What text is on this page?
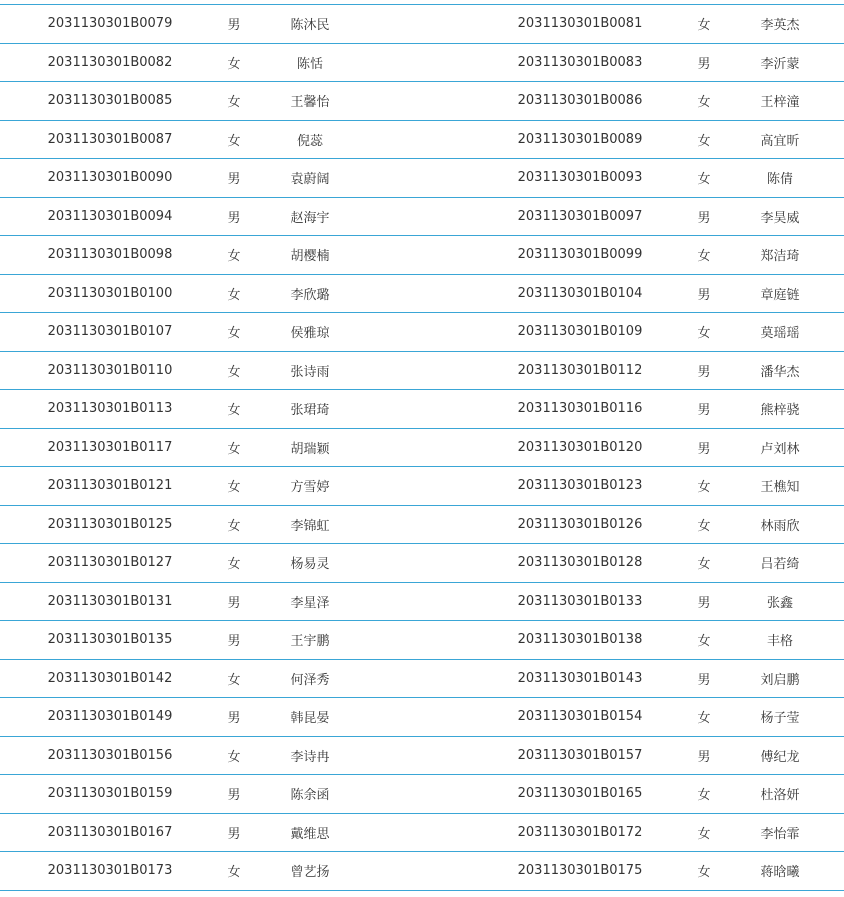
2031130301B0079	男	陈沐民	2031130301B0081	女	李英杰
2031130301B0082	女	陈恬	2031130301B0083	男	李沂蒙
2031130301B0085	女	王馨怡	2031130301B0086	女	王梓潼
2031130301B0087	女	倪蕊	2031130301B0089	女	高宜昕
2031130301B0090	男	袁蔚阔	2031130301B0093	女	陈倩
2031130301B0094	男	赵海宇	2031130301B0097	男	李昊威
2031130301B0098	女	胡樱楠	2031130301B0099	女	郑洁琦
2031130301B0100	女	李欣璐	2031130301B0104	男	章庭链
2031130301B0107	女	侯雅琼	2031130301B0109	女	莫瑶瑶
2031130301B0110	女	张诗雨	2031130301B0112	男	潘华杰
2031130301B0113	女	张珺琦	2031130301B0116	男	熊梓骁
2031130301B0117	女	胡瑞颖	2031130301B0120	男	卢刘林
2031130301B0121	女	方雪婷	2031130301B0123	女	王樵知
2031130301B0125	女	李锦虹	2031130301B0126	女	林雨欣
2031130301B0127	女	杨易灵	2031130301B0128	女	吕若绮
2031130301B0131	男	李星泽	2031130301B0133	男	张鑫
2031130301B0135	男	王宇鹏	2031130301B0138	女	丰格
2031130301B0142	女	何泽秀	2031130301B0143	男	刘启鹏
2031130301B0149	男	韩昆晏	2031130301B0154	女	杨子莹
2031130301B0156	女	李诗冉	2031130301B0157	男	傅纪龙
2031130301B0159	男	陈余函	2031130301B0165	女	杜洛妍
2031130301B0167	男	戴维思	2031130301B0172	女	李怡霏
2031130301B0173	女	曾艺扬	2031130301B0175	女	蒋晗曦
